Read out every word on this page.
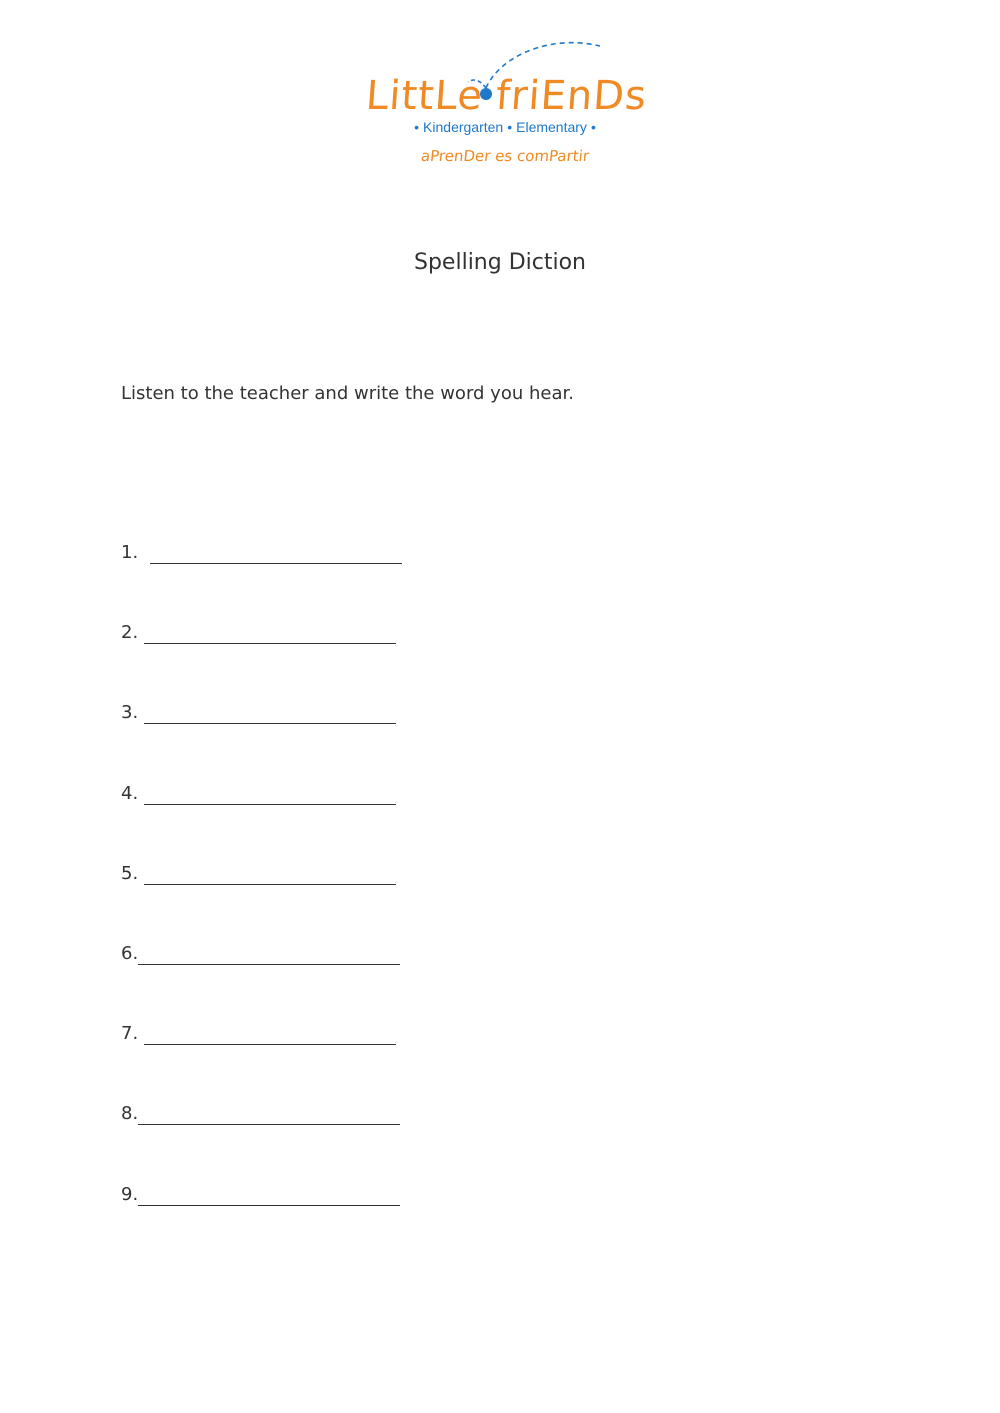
LittLe friEnDs
• Kindergarten • Elementary •
aPrenDer es comPartir
Spelling Diction
Listen to the teacher and write the word you hear.
1.
2.
3.
4.
5.
6.
7.
8.
9.
